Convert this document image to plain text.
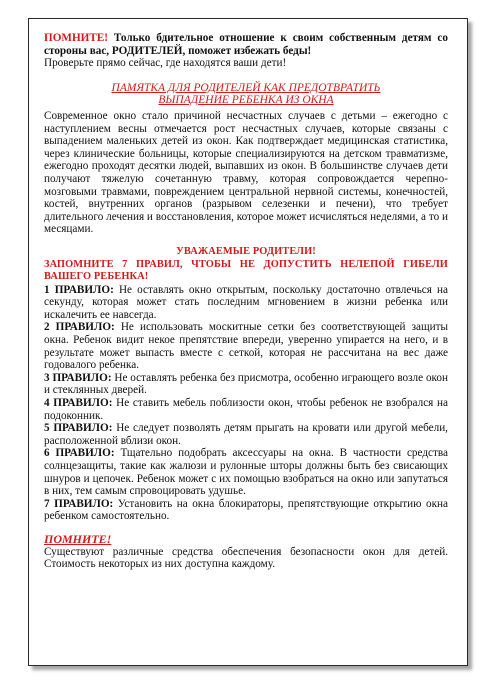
ПОМНИТЕ! Только бдительное отношение к своим собственным детям со стороны вас, РОДИТЕЛЕЙ, поможет избежать беды!

Проверьте прямо сейчас, где находятся ваши дети!

ПАМЯТКА ДЛЯ РОДИТЕЛЕЙ КАК ПРЕДОТВРАТИТЬ

ВЫПАДЕНИЕ РЕБЕНКА ИЗ ОКНА

Современное окно стало причиной несчастных случаев с детьми – ежегодно с наступлением весны отмечается рост несчастных случаев, которые связаны с выпадением маленьких детей из окон. Как подтверждает медицинская статистика, через клинические больницы, которые специализируются на детском травматизме, ежегодно проходят десятки людей, выпавших из окон. В большинстве случаев дети получают тяжелую сочетанную травму, которая сопровождается черепно-мозговыми травмами, повреждением центральной нервной системы, конечностей, костей, внутренних органов (разрывом селезенки и печени), что требует длительного лечения и восстановления, которое может исчисляться неделями, а то и месяцами.

УВАЖАЕМЫЕ РОДИТЕЛИ!

ЗАПОМНИТЕ 7 ПРАВИЛ, ЧТОБЫ НЕ ДОПУСТИТЬ НЕЛЕПОЙ ГИБЕЛИ ВАШЕГО РЕБЕНКА!

1 ПРАВИЛО: Не оставлять окно открытым, поскольку достаточно отвлечься на секунду, которая может стать последним мгновением в жизни ребенка или искалечить ее навсегда.

2 ПРАВИЛО: Не использовать москитные сетки без соответствующей защиты окна. Ребенок видит некое препятствие впереди, уверенно упирается на него, и в результате может выпасть вместе с сеткой, которая не рассчитана на вес даже годовалого ребенка.

3 ПРАВИЛО: Не оставлять ребенка без присмотра, особенно играющего возле окон и стеклянных дверей.

4 ПРАВИЛО: Не ставить мебель поблизости окон, чтобы ребенок не взобрался на подоконник.

5 ПРАВИЛО: Не следует позволять детям прыгать на кровати или другой мебели, расположенной вблизи окон.

6 ПРАВИЛО: Тщательно подобрать аксессуары на окна. В частности средства солнцезащиты, такие как жалюзи и рулонные шторы должны быть без свисающих шнуров и цепочек. Ребенок может с их помощью взобраться на окно или запутаться в них, тем самым спровоцировать удушье.

7 ПРАВИЛО: Установить на окна блокираторы, препятствующие открытию окна ребенком самостоятельно.

ПОМНИТЕ!

Существуют различные средства обеспечения безопасности окон для детей. Стоимость некоторых из них доступна каждому.
